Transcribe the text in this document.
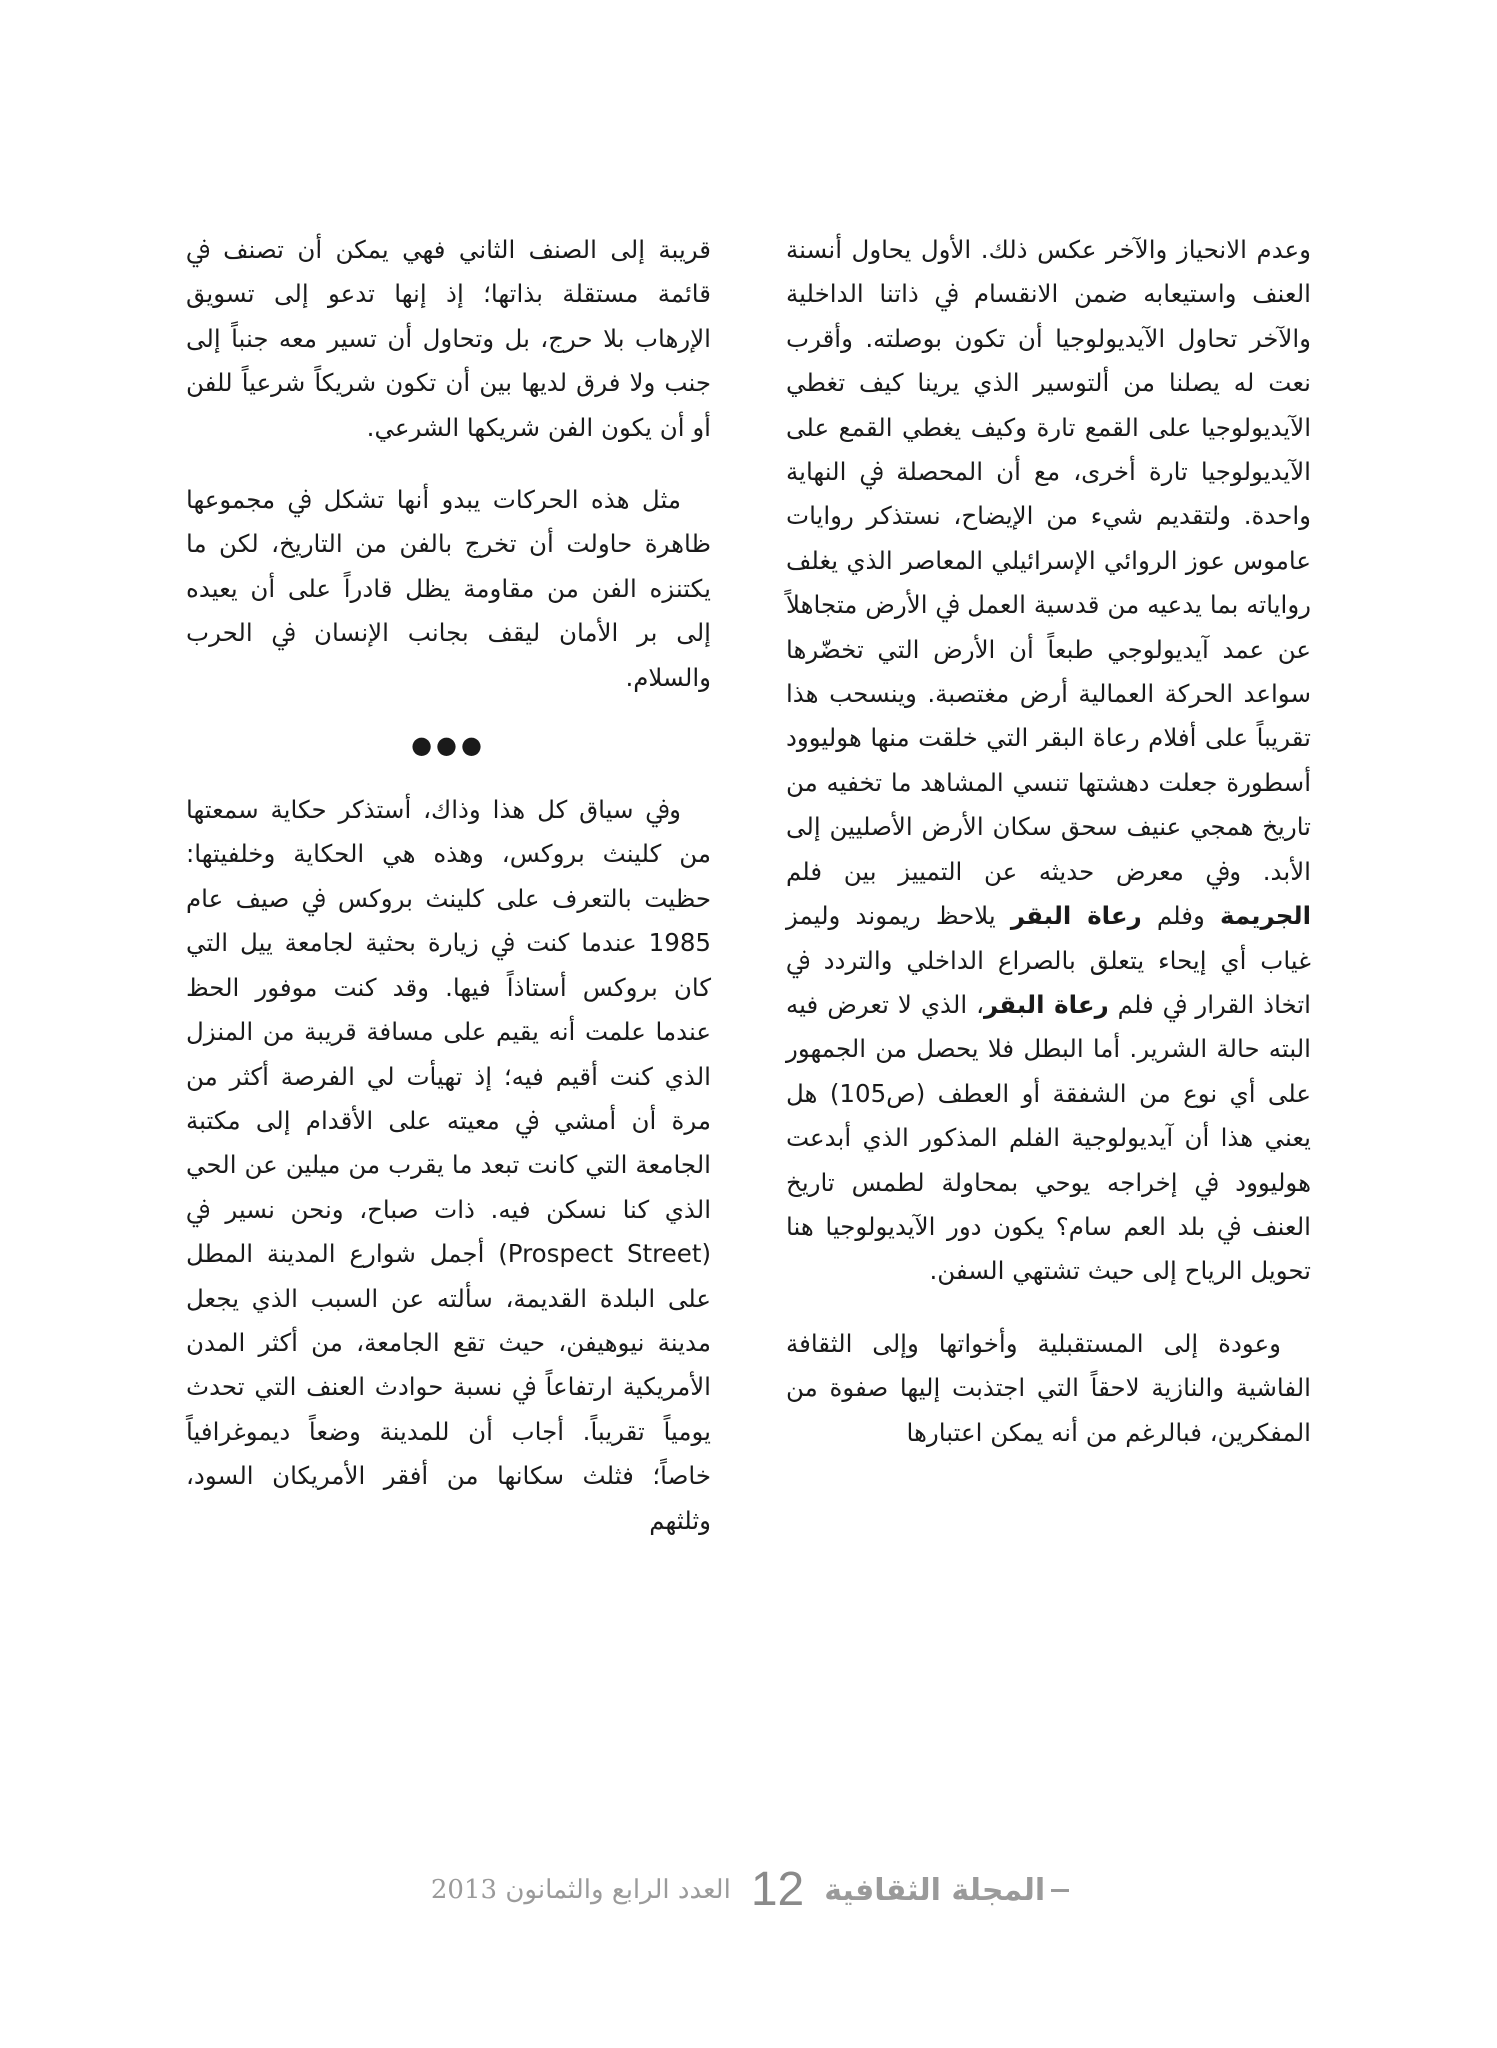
وعدم الانحياز والآخر عكس ذلك. الأول يحاول أنسنة العنف واستيعابه ضمن الانقسام ﰲ ذاتنا الداخلية والآخر تحاول الآيديولوجيا أن تكون بوصلته. وأقرب نعت له يصلنا من ألتوسير الذي يرينا كيف تغطي الآيديولوجيا على القمع تارة وكيف يغطي القمع على الآيديولوجيا تارة أخرى، مع أن المحصلة ﰲ النهاية واحدة. ولتقديم شيء من الإيضاح، نستذكر روايات عاموس عوز الروائي الإسرائيلي المعاصر الذي يغلف رواياته بما يدعيه من قدسية العمل ﰲ الأرض متجاهلاً عن عمد آيديولوجي طبعاً أن الأرض التي تخضّرها سواعد الحركة العمالية أرض مغتصبة. وينسحب هذا تقريباً على أفلام رعاة البقر التي خلقت منها هوليوود أسطورة جعلت دهشتها تنسي المشاهد ما تخفيه من تاريخ همجي عنيف سحق سكان الأرض الأصليين إلى الأبد. وﰲ معرض حديثه عن التمييز بين فلم الجريمة وفلم رعاة البقر يلاحظ ريموند وليمز غياب أي إيحاء يتعلق بالصراع الداخلي والتردد ﰲ اتخاذ القرار ﰲ فلم رعاة البقر، الذي لا تعرض فيه البته حالة الشرير. أما البطل فلا يحصل من الجمهور على أي نوع من الشفقة أو العطف (ص105) هل يعني هذا أن آيديولوجية الفلم المذكور الذي أبدعت هوليوود ﰲ إخراجه يوحي بمحاولة لطمس تاريخ العنف ﰲ بلد العم سام؟ يكون دور الآيديولوجيا هنا تحويل الرياح إلى حيث تشتهي السفن.

وعودة إلى المستقبلية وأخواتها وإلى الثقافة الفاشية والنازية لاحقاً التي اجتذبت إليها صفوة من المفكرين، فبالرغم من أنه يمكن اعتبارها

قريبة إلى الصنف الثاني فهي يمكن أن تصنف ﰲ قائمة مستقلة بذاتها؛ إذ إنها تدعو إلى تسويق الإرهاب بلا حرج، بل وتحاول أن تسير معه جنباً إلى جنب ولا فرق لديها بين أن تكون شريكاً شرعياً للفن أو أن يكون الفن شريكها الشرعي.

مثل هذه الحركات يبدو أنها تشكل ﰲ مجموعها ظاهرة حاولت أن تخرج بالفن من التاريخ، لكن ما يكتنزه الفن من مقاومة يظل قادراً على أن يعيده إلى بر الأمان ليقف بجانب الإنسان ﰲ الحرب والسلام.

●●●

وﰲ سياق كل هذا وذاك، أستذكر حكاية سمعتها من كلينث بروكس، وهذه هي الحكاية وخلفيتها: حظيت بالتعرف على كلينث بروكس ﰲ صيف عام 1985 عندما كنت ﰲ زيارة بحثية لجامعة ييل التي كان بروكس أستاذاً فيها. وقد كنت موفور الحظ عندما علمت أنه يقيم على مسافة قريبة من المنزل الذي كنت أقيم فيه؛ إذ تهيأت لي الفرصة أكثر من مرة أن أمشي ﰲ معيته على الأقدام إلى مكتبة الجامعة التي كانت تبعد ما يقرب من ميلين عن الحي الذي كنا نسكن فيه. ذات صباح، ونحن نسير ﰲ (Prospect Street) أجمل شوارع المدينة المطل على البلدة القديمة، سألته عن السبب الذي يجعل مدينة نيوهيفن، حيث تقع الجامعة، من أكثر المدن الأمريكية ارتفاعاً ﰲ نسبة حوادث العنف التي تحدث يومياً تقريباً. أجاب أن للمدينة وضعاً ديموغرافياً خاصاً؛ فثلث سكانها من أفقر الأمريكان السود، وثلثهم

المجلة الثقافية
12
العدد الرابع والثمانون 2013
